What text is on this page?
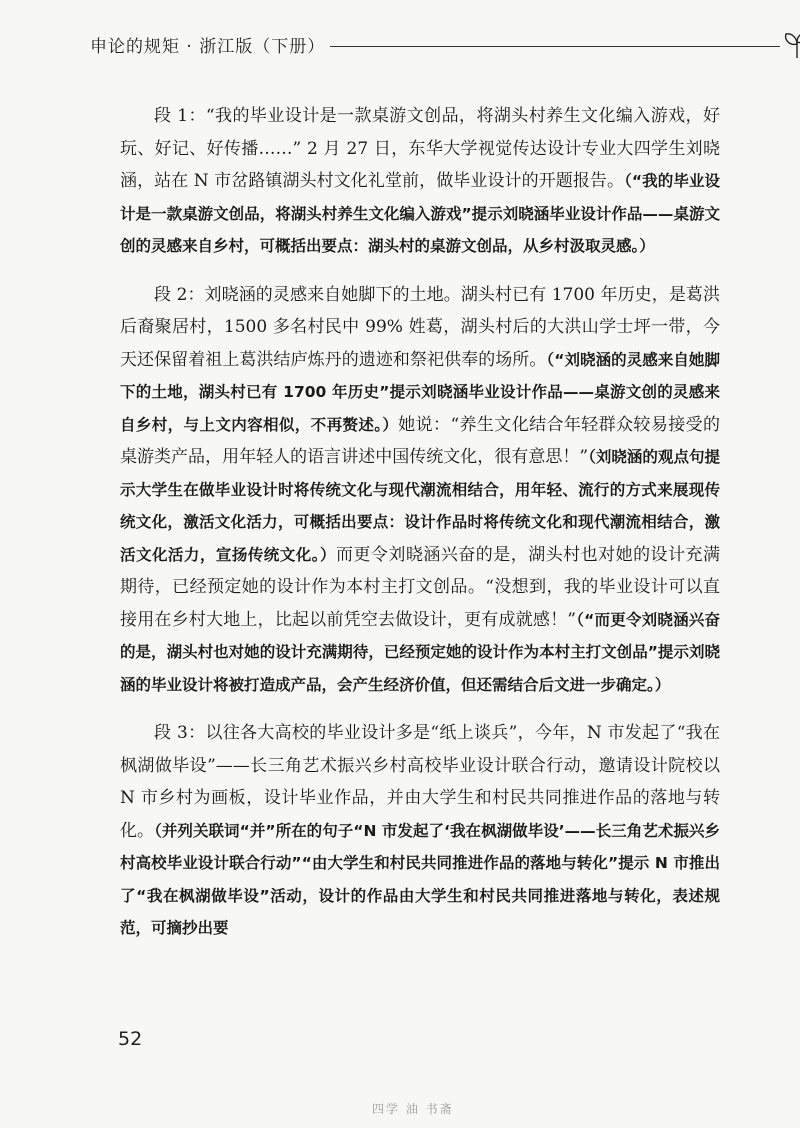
申论的规矩 · 浙江版（下册）

段 1：“我的毕业设计是一款桌游文创品，将湖头村养生文化编入游戏，好玩、好记、好传播……” 2 月 27 日，东华大学视觉传达设计专业大四学生刘晓涵，站在 N 市岔路镇湖头村文化礼堂前，做毕业设计的开题报告。（“我的毕业设计是一款桌游文创品，将湖头村养生文化编入游戏”提示刘晓涵毕业设计作品——桌游文创的灵感来自乡村，可概括出要点：湖头村的桌游文创品，从乡村汲取灵感。）

段 2：刘晓涵的灵感来自她脚下的土地。湖头村已有 1700 年历史，是葛洪后裔聚居村，1500 多名村民中 99% 姓葛，湖头村后的大洪山学士坪一带，今天还保留着祖上葛洪结庐炼丹的遗迹和祭祀供奉的场所。（“刘晓涵的灵感来自她脚下的土地，湖头村已有 1700 年历史”提示刘晓涵毕业设计作品——桌游文创的灵感来自乡村，与上文内容相似，不再赘述。）她说：“养生文化结合年轻群众较易接受的桌游类产品，用年轻人的语言讲述中国传统文化，很有意思！”（刘晓涵的观点句提示大学生在做毕业设计时将传统文化与现代潮流相结合，用年轻、流行的方式来展现传统文化，激活文化活力，可概括出要点：设计作品时将传统文化和现代潮流相结合，激活文化活力，宣扬传统文化。）而更令刘晓涵兴奋的是，湖头村也对她的设计充满期待，已经预定她的设计作为本村主打文创品。“没想到，我的毕业设计可以直接用在乡村大地上，比起以前凭空去做设计，更有成就感！”（“而更令刘晓涵兴奋的是，湖头村也对她的设计充满期待，已经预定她的设计作为本村主打文创品”提示刘晓涵的毕业设计将被打造成产品，会产生经济价值，但还需结合后文进一步确定。）

段 3：以往各大高校的毕业设计多是“纸上谈兵”，今年，N 市发起了“我在枫湖做毕设”——长三角艺术振兴乡村高校毕业设计联合行动，邀请设计院校以 N 市乡村为画板，设计毕业作品，并由大学生和村民共同推进作品的落地与转化。（并列关联词“并”所在的句子“N 市发起了‘我在枫湖做毕设’——长三角艺术振兴乡村高校毕业设计联合行动”“由大学生和村民共同推进作品的落地与转化”提示 N 市推出了“我在枫湖做毕设”活动，设计的作品由大学生和村民共同推进落地与转化，表述规范，可摘抄出要

52
四学 油 书斋
